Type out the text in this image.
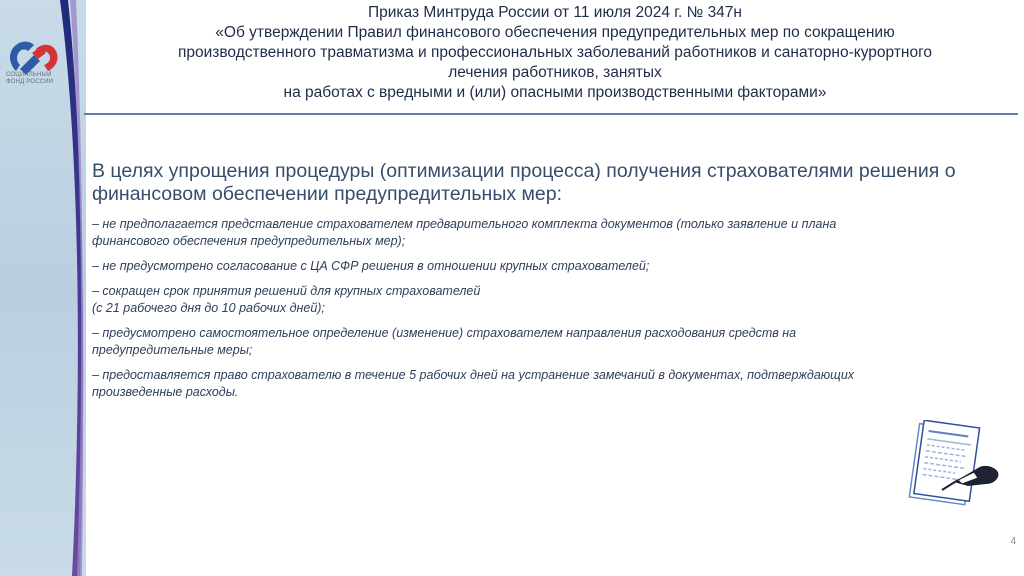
СОЦИАЛЬНЫЙ
ФОНД РОССИИ
Приказ Минтруда России от 11 июля 2024 г. № 347н
«Об утверждении Правил финансового обеспечения предупредительных мер по сокращению
производственного травматизма и профессиональных заболеваний работников и санаторно-курортного
лечения работников, занятых
на работах с вредными и (или) опасными производственными факторами»
В целях упрощения процедуры (оптимизации процесса) получения страхователями решения о финансовом обеспечении предупредительных мер:
– не предполагается представление страхователем предварительного комплекта документов (только заявление и плана
финансового обеспечения предупредительных мер);
– не предусмотрено согласование с ЦА СФР решения в отношении крупных страхователей;
– сокращен срок принятия решений для крупных страхователей
(с 21 рабочего дня до 10 рабочих дней);
– предусмотрено самостоятельное определение (изменение) страхователем направления расходования средств на
предупредительные меры;
– предоставляется право страхователю в течение 5 рабочих дней на устранение замечаний в документах, подтверждающих
произведенные расходы.
4
